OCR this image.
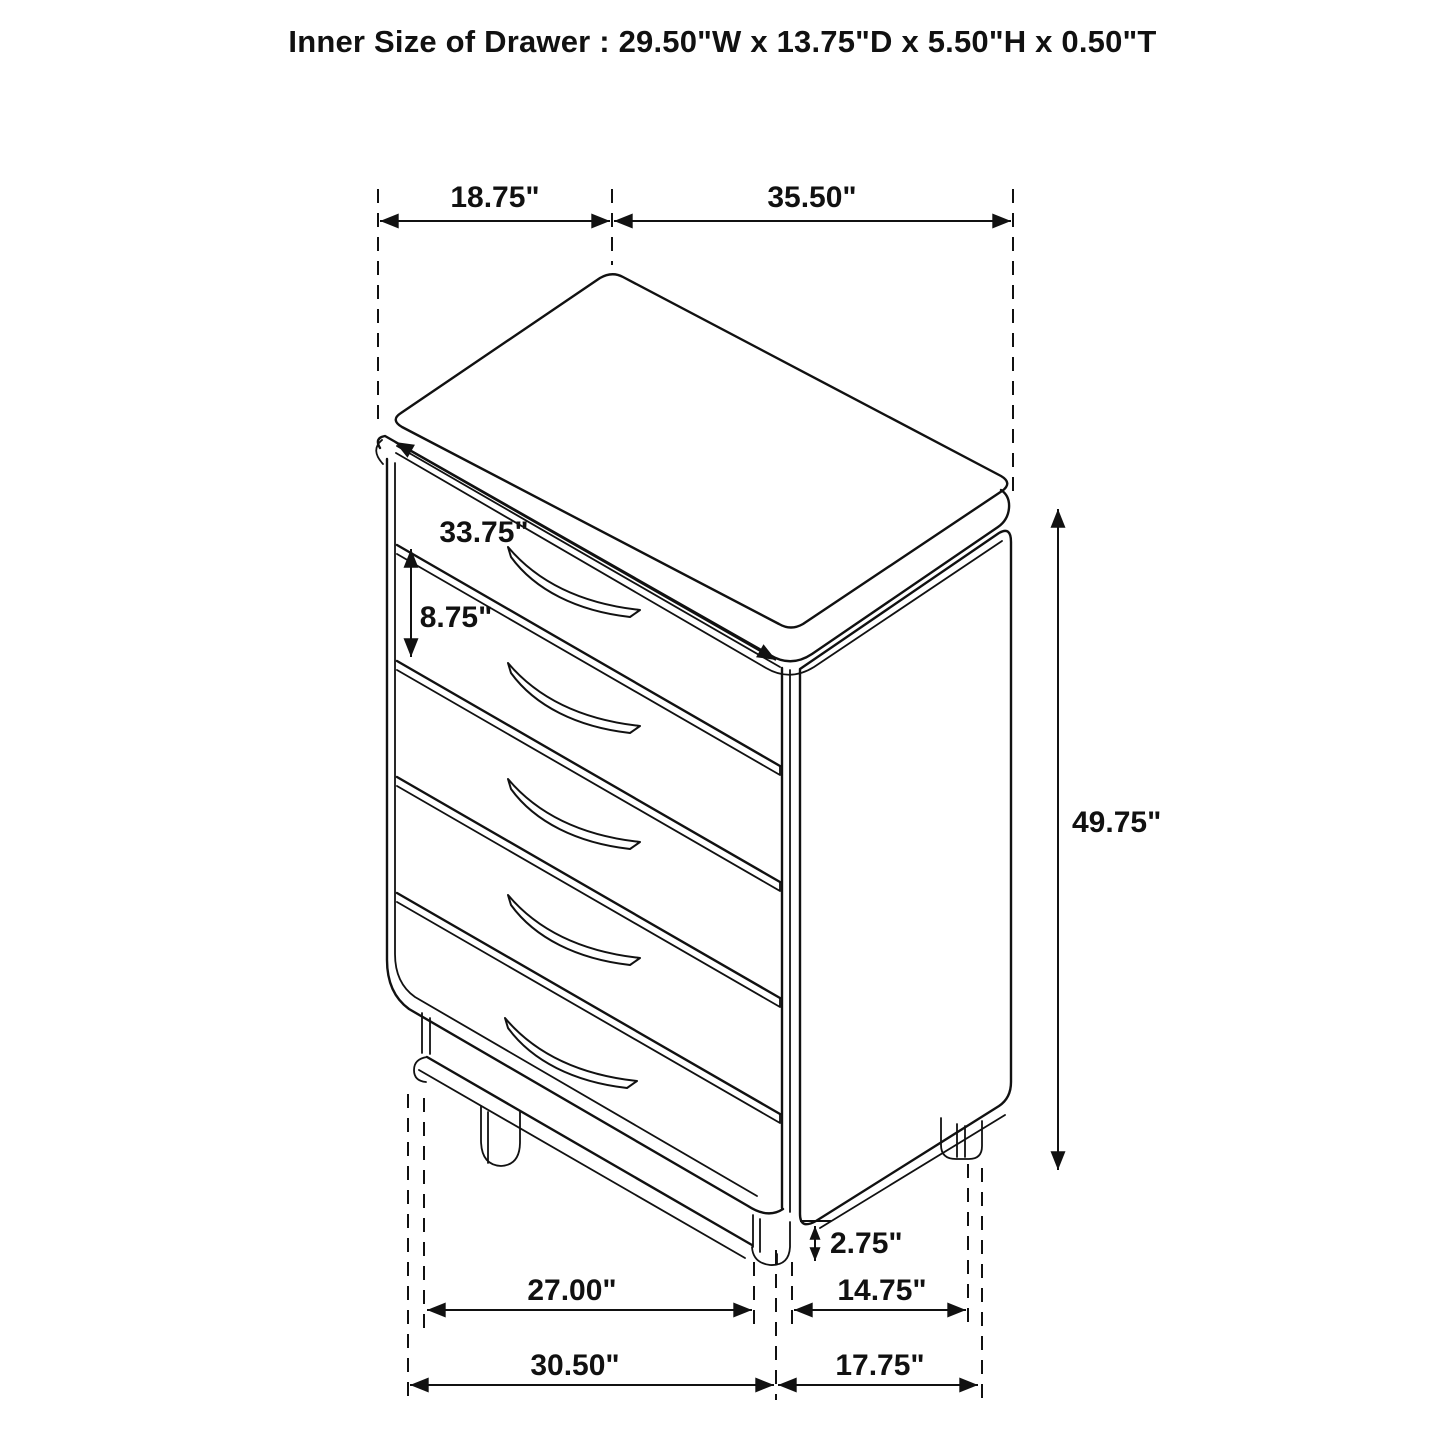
Inner Size of Drawer : 29.50"W x 13.75"D x 5.50"H x 0.50"T
18.75"	35.50"
33.75"
8.75"
49.75"
2.75"
27.00"	14.75"
30.50"	17.75"
